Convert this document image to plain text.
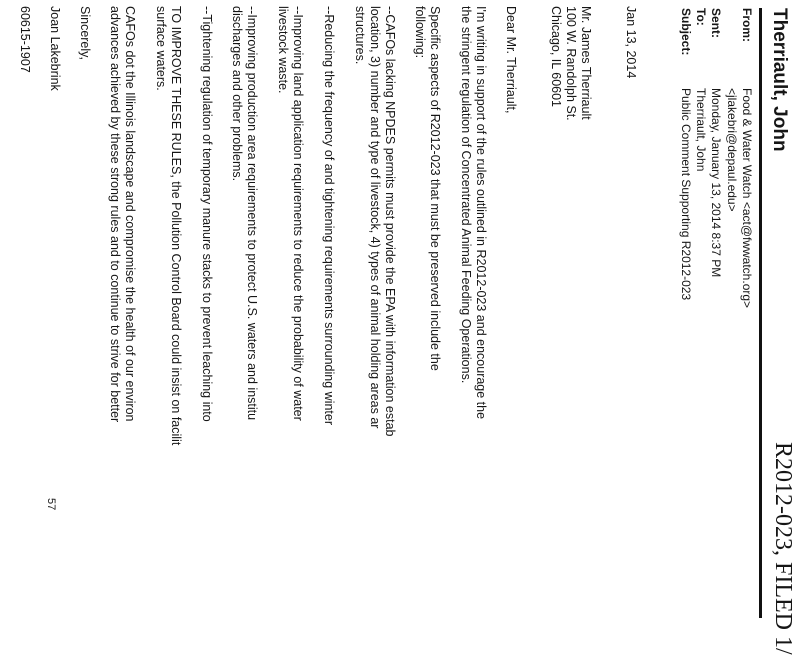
R2012-023, FILED 1/
Therriault, John
From:
Food & Water Watch <act@fwwatch.org>
<jlakebri@depaul.edu>
Sent:
Monday, January 13, 2014 8:37 PM
To:
Therriault, John
Subject:
Public Comment Supporting R2012-023
Jan 13, 2014
Mr. James Therriault
100 W. Randolph St.
Chicago, IL 60601
Dear Mr. Therriault,
I'm writing in support of the rules outlined in R2012-023 and encourage the
the stringent regulation of Concentrated Animal Feeding Operations.
Specific aspects of R2012-023 that must be preserved include the
following:
--CAFOs lacking NPDES permits must provide the EPA with information estab
location, 3) number and type of livestock, 4) types of animal holding areas ar
structures.
--Reducing the frequency of and tightening requirements surrounding winter
--Improving land application requirements to reduce the probability of water
livestock waste.
--Improving production area requirements to protect U.S. waters and institu
discharges and other problems.
--Tightening regulation of temporary manure stacks to prevent leaching into
TO IMPROVE THESE RULES, the Pollution Control Board could insist on facilit
surface waters.
CAFOs dot the Illinois landscape and compromise the health of our environ
advances achieved by these strong rules and to continue to strive for better
Sincerely,
Joan Lakebrink
60615-1907
57
